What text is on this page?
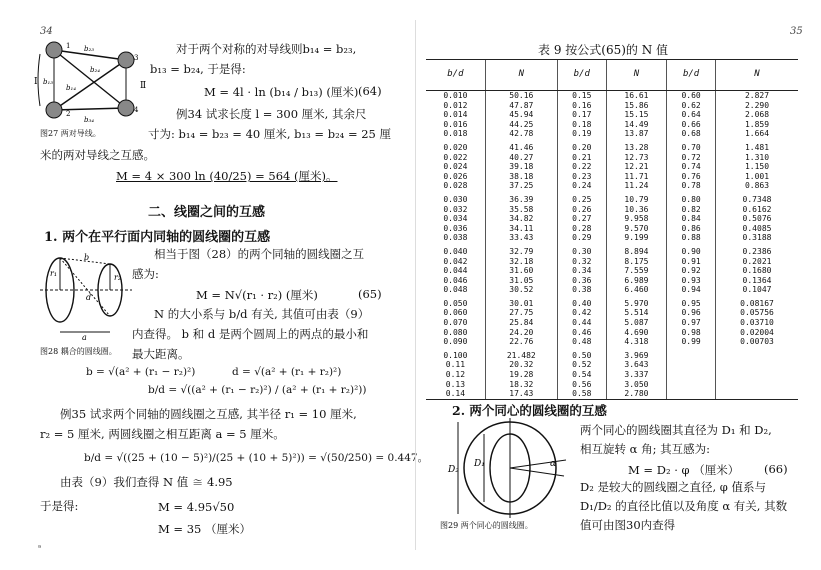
34
Ⅰ	Ⅱ
b₁₃
b₂₃
b₁₄
b₂₄
b₃₄
1
2
3
4
图27 两对导线。
对于两个对称的对导线则b₁₄ = b₂₃,
b₁₃ = b₂₄, 于是得:
M = 4l · ln (b₁₄ / b₁₃) (厘米) (64)
例34 试求长度 l = 300 厘米, 其余尺
寸为: b₁₄ = b₂₃ = 40 厘米, b₁₃ = b₂₄ = 25 厘
米的两对导线之互感。
M = 4 × 300 ln (40/25) = 564 (厘米)。
二、线圈之间的互感
1. 两个在平行面内同轴的圆线圈的互感
相当于图（28）的两个同轴的圆线圈之互
感为:
M = N√(r₁ · r₂) (厘米)	(65)
N 的大小系与 b/d 有关, 其值可由表（9）
内查得。 b 和 d 是两个圆周上的两点的最小和
最大距离。
r₁	r₂
b
d
a
图28 耦合的圆线圈。
b = √(a² + (r₁ − r₂)²)	d = √(a² + (r₁ + r₂)²)
b/d = √((a² + (r₁ − r₂)²) / (a² + (r₁ + r₂)²))
例35 试求两个同轴的圆线圈之互感, 其半径 r₁ = 10 厘米,
r₂ = 5 厘米, 两圆线圈之相互距离 a = 5 厘米。
b/d = √((25 + (10 − 5)²)/(25 + (10 + 5)²)) = √(50/250) = 0.447。
由表（9）我们查得 N 值 ≅ 4.95
于是得:	M = 4.95√50
M = 35 （厘米）
ᵃ
35
表 9 按公式(65)的 N 值
b/d	N	b/d	N	b/d	N
0.010	50.16	0.15	16.61	0.60	2.827
0.012	47.87	0.16	15.86	0.62	2.290
0.014	45.94	0.17	15.15	0.64	2.068
0.016	44.25	0.18	14.49	0.66	1.859
0.018	42.78	0.19	13.87	0.68	1.664
0.020	41.46	0.20	13.28	0.70	1.481
0.022	40.27	0.21	12.73	0.72	1.310
0.024	39.18	0.22	12.21	0.74	1.150
0.026	38.18	0.23	11.71	0.76	1.001
0.028	37.25	0.24	11.24	0.78	0.863
0.030	36.39	0.25	10.79	0.80	0.7348
0.032	35.58	0.26	10.36	0.82	0.6162
0.034	34.82	0.27	9.958	0.84	0.5076
0.036	34.11	0.28	9.570	0.86	0.4085
0.038	33.43	0.29	9.199	0.88	0.3188
0.040	32.79	0.30	8.894	0.90	0.2386
0.042	32.18	0.32	8.175	0.91	0.2021
0.044	31.60	0.34	7.559	0.92	0.1680
0.046	31.05	0.36	6.989	0.93	0.1364
0.048	30.52	0.38	6.460	0.94	0.1047
0.050	30.01	0.40	5.970	0.95	0.08167
0.060	27.75	0.42	5.514	0.96	0.05756
0.070	25.84	0.44	5.087	0.97	0.03710
0.080	24.20	0.46	4.690	0.98	0.02004
0.090	22.76	0.48	4.318	0.99	0.00703
0.100	21.482	0.50	3.969		
0.11	20.32	0.52	3.643		
0.12	19.28	0.54	3.337		
0.13	18.32	0.56	3.050		
0.14	17.43	0.58	2.780		
2. 两个同心的圆线圈的互感
D₂
D₁	α
图29 两个同心的圆线圈。
两个同心的圆线圈其直径为 D₁ 和 D₂,
相互旋转 α 角; 其互感为:
M = D₂ · φ （厘米） (66)
D₂ 是较大的圆线圈之直径, φ 值系与
D₁/D₂ 的直径比值以及角度 α 有关, 其数
值可由图30内查得
